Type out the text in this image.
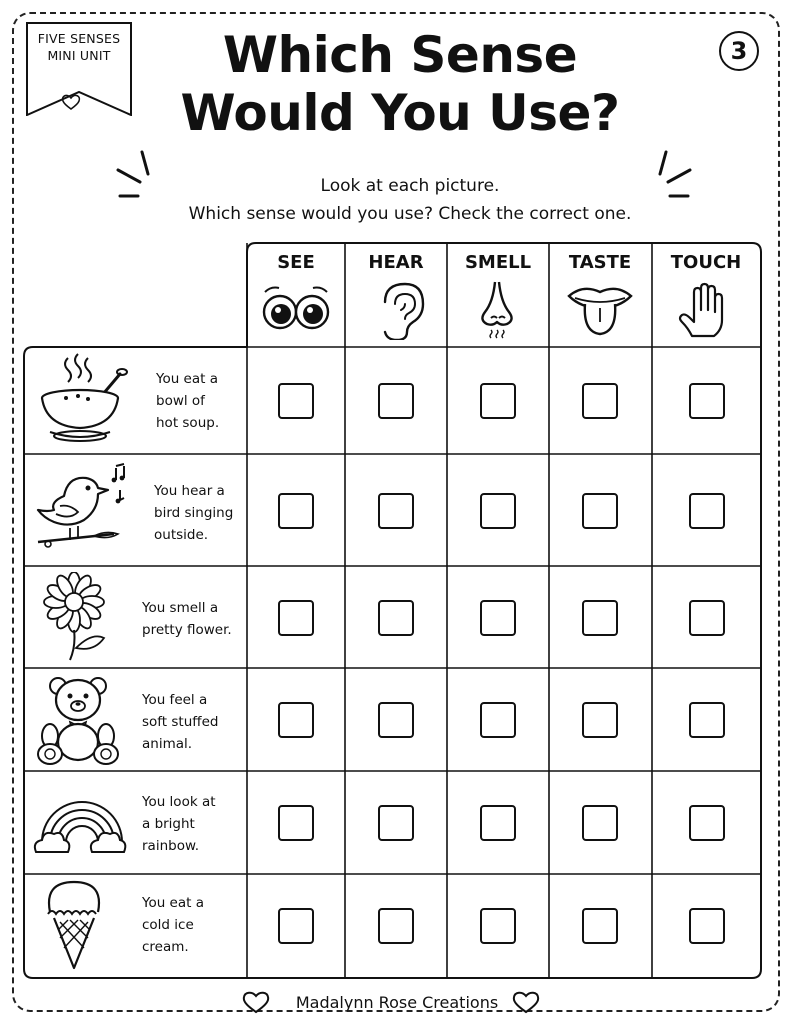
FIVE SENSES
MINI UNIT	Which Sense
Would You Use?
3
Look at each picture.
Which sense would you use? Check the correct one.
SEE	HEAR	SMELL	TASTE	TOUCH
You eat a
bowl of
hot soup.
You hear a
bird singing
outside.
You smell a
pretty flower.
You feel a
soft stuffed
animal.
You look at
a bright
rainbow.
You eat a
cold ice
cream.
Madalynn Rose Creations
